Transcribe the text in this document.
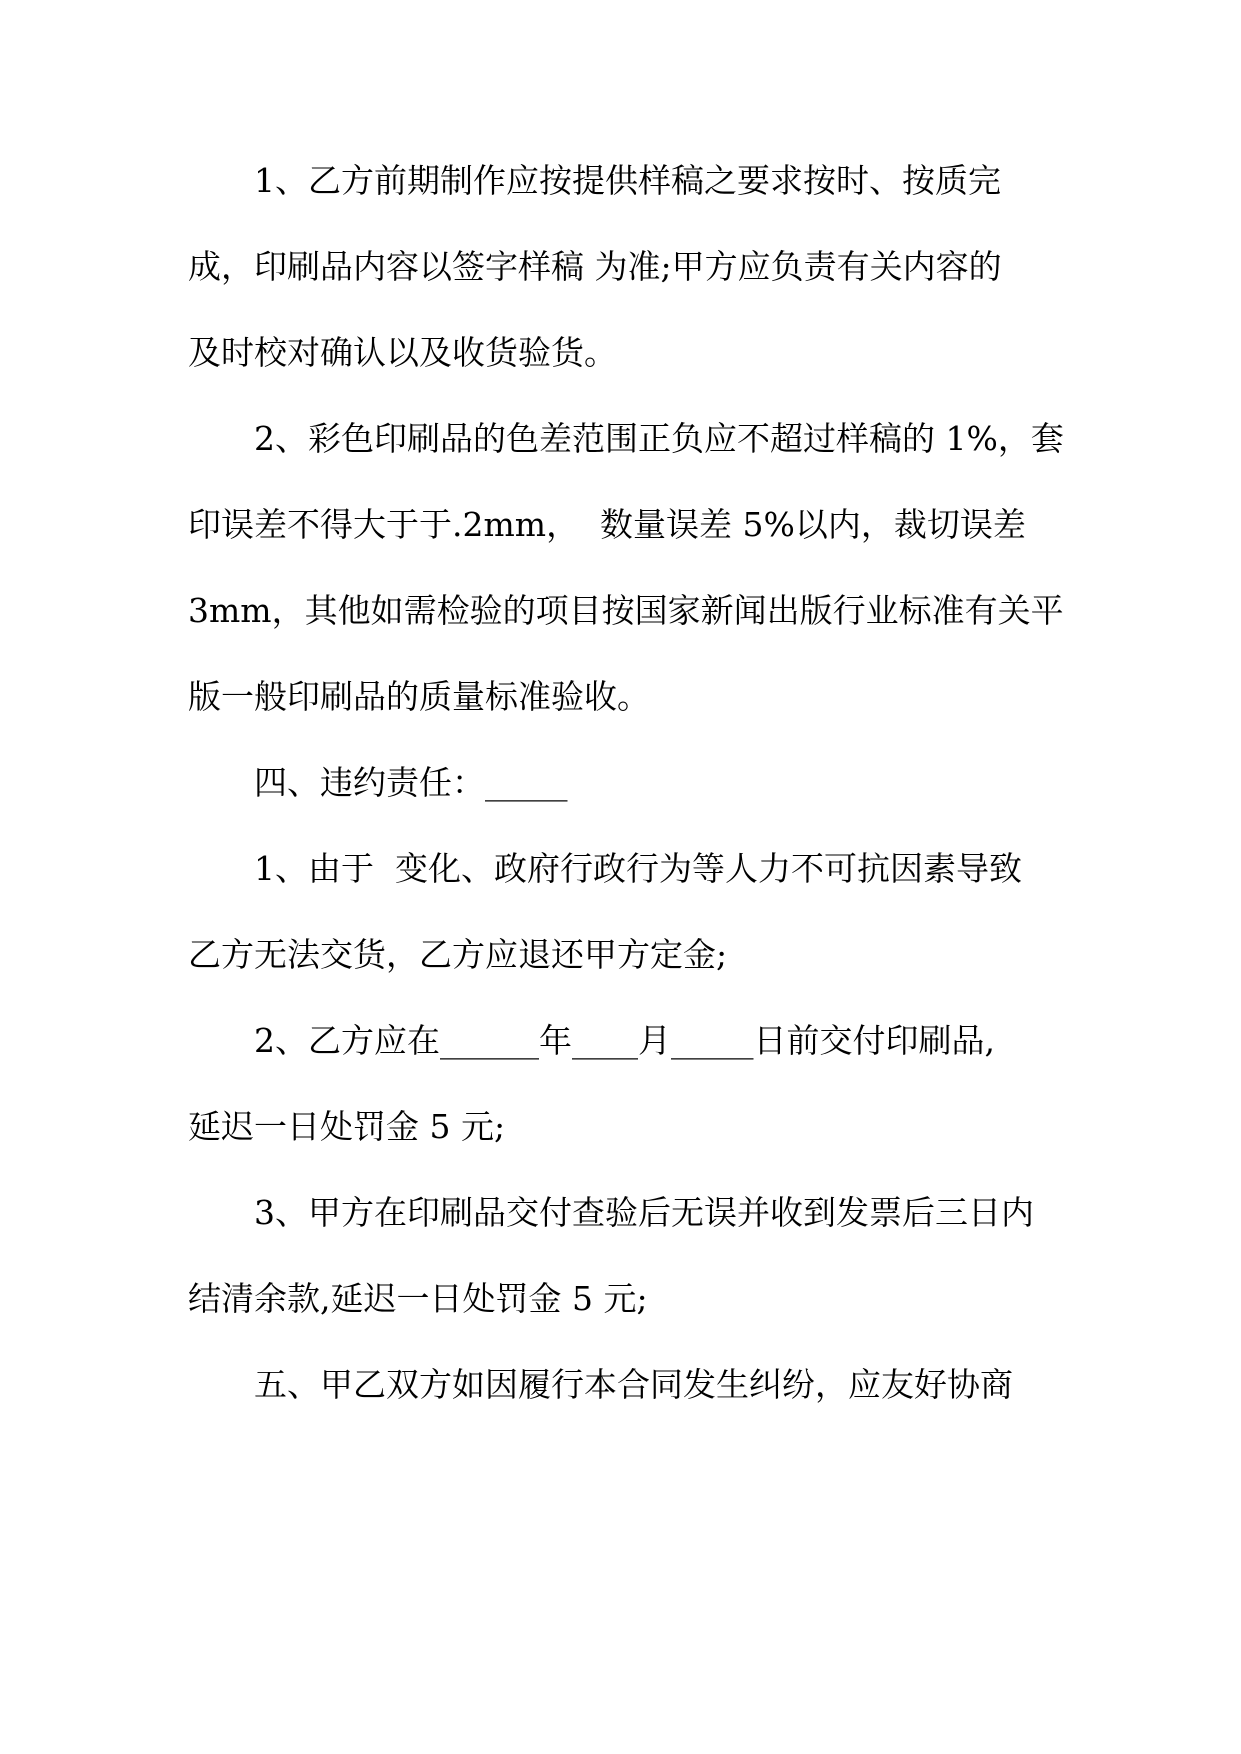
1、乙方前期制作应按提供样稿之要求按时、按质完

成，印刷品内容以签字样稿 为准;甲方应负责有关内容的

及时校对确认以及收货验货。

2、彩色印刷品的色差范围正负应不超过样稿的 1%，套

印误差不得大于于.2mm，  数量误差 5%以内，裁切误差

3mm，其他如需检验的项目按国家新闻出版行业标准有关平

版一般印刷品的质量标准验收。

四、违约责任：_____

1、由于  变化、政府行政行为等人力不可抗因素导致

乙方无法交货，乙方应退还甲方定金;

2、乙方应在______年____月_____日前交付印刷品,

延迟一日处罚金 5 元;

3、甲方在印刷品交付查验后无误并收到发票后三日内

结清余款,延迟一日处罚金 5 元;

五、甲乙双方如因履行本合同发生纠纷，应友好协商
